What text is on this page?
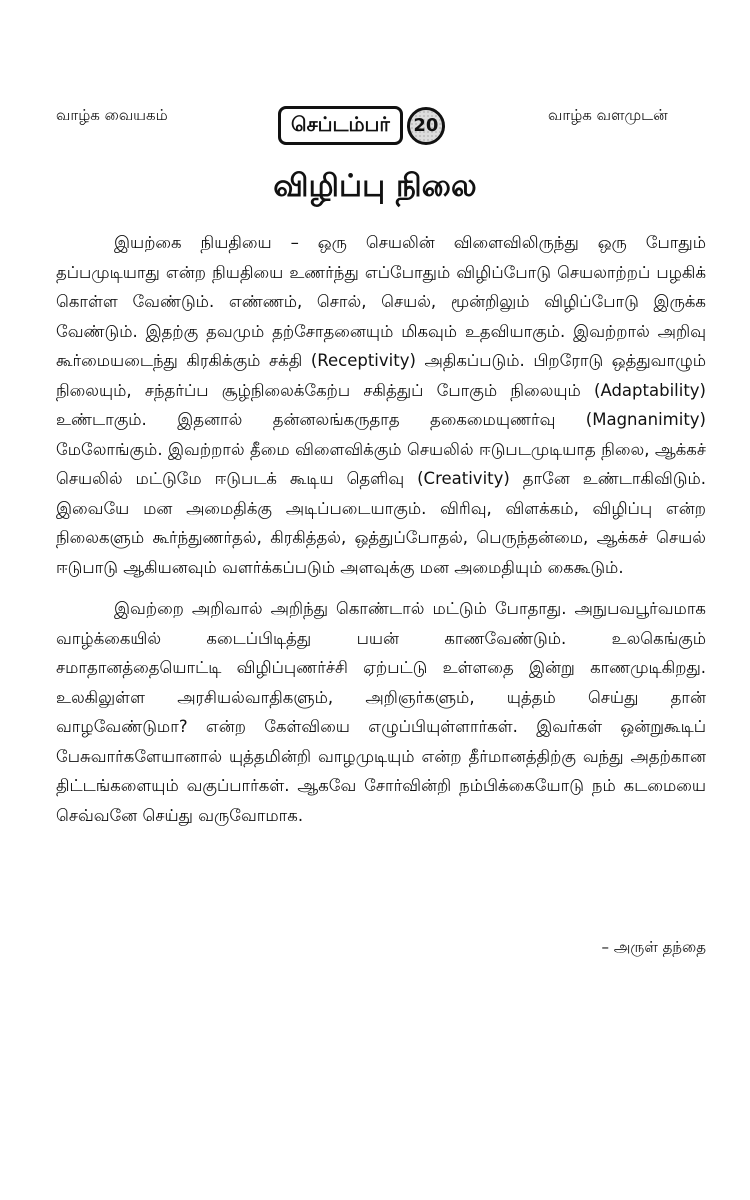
வாழ்க வையகம்	செப்டம்பர்	20	வாழ்க வளமுடன்
விழிப்பு நிலை

இயற்கை நியதியை – ஒரு செயலின் விளைவிலிருந்து ஒரு போதும் தப்பமுடியாது என்ற நியதியை உணர்ந்து எப்போதும் விழிப்போடு செயலாற்றப் பழகிக் கொள்ள வேண்டும். எண்ணம், சொல், செயல், மூன்றிலும் விழிப்போடு இருக்க வேண்டும். இதற்கு தவமும் தற்சோதனையும் மிகவும் உதவியாகும். இவற்றால் அறிவு கூர்மையடைந்து கிரகிக்கும் சக்தி (Receptivity) அதிகப்படும். பிறரோடு ஒத்துவாழும் நிலையும், சந்தர்ப்ப சூழ்நிலைக்கேற்ப சகித்துப் போகும் நிலையும் (Adaptability) உண்டாகும். இதனால் தன்னலங்கருதாத தகைமையுணர்வு (Magnanimity) மேலோங்கும். இவற்றால் தீமை விளைவிக்கும் செயலில் ஈடுபடமுடியாத நிலை, ஆக்கச் செயலில் மட்டுமே ஈடுபடக் கூடிய தெளிவு (Creativity) தானே உண்டாகிவிடும். இவையே மன அமைதிக்கு அடிப்படையாகும். விரிவு, விளக்கம், விழிப்பு என்ற நிலைகளும் கூர்ந்துணர்தல், கிரகித்தல், ஒத்துப்போதல், பெருந்தன்மை, ஆக்கச் செயல் ஈடுபாடு ஆகியனவும் வளர்க்கப்படும் அளவுக்கு மன அமைதியும் கைகூடும்.

இவற்றை அறிவால் அறிந்து கொண்டால் மட்டும் போதாது. அநுபவபூர்வமாக வாழ்க்கையில் கடைப்பிடித்து பயன் காணவேண்டும். உலகெங்கும் சமாதானத்தையொட்டி விழிப்புணர்ச்சி ஏற்பட்டு உள்ளதை இன்று காணமுடிகிறது. உலகிலுள்ள அரசியல்வாதிகளும், அறிஞர்களும், யுத்தம் செய்து தான் வாழவேண்டுமா? என்ற கேள்வியை எழுப்பியுள்ளார்கள். இவர்கள் ஒன்றுகூடிப் பேசுவார்களேயானால் யுத்தமின்றி வாழமுடியும் என்ற தீர்மானத்திற்கு வந்து அதற்கான திட்டங்களையும் வகுப்பார்கள். ஆகவே சோர்வின்றி நம்பிக்கையோடு நம் கடமையை செவ்வனே செய்து வருவோமாக.

– அருள் தந்தை
